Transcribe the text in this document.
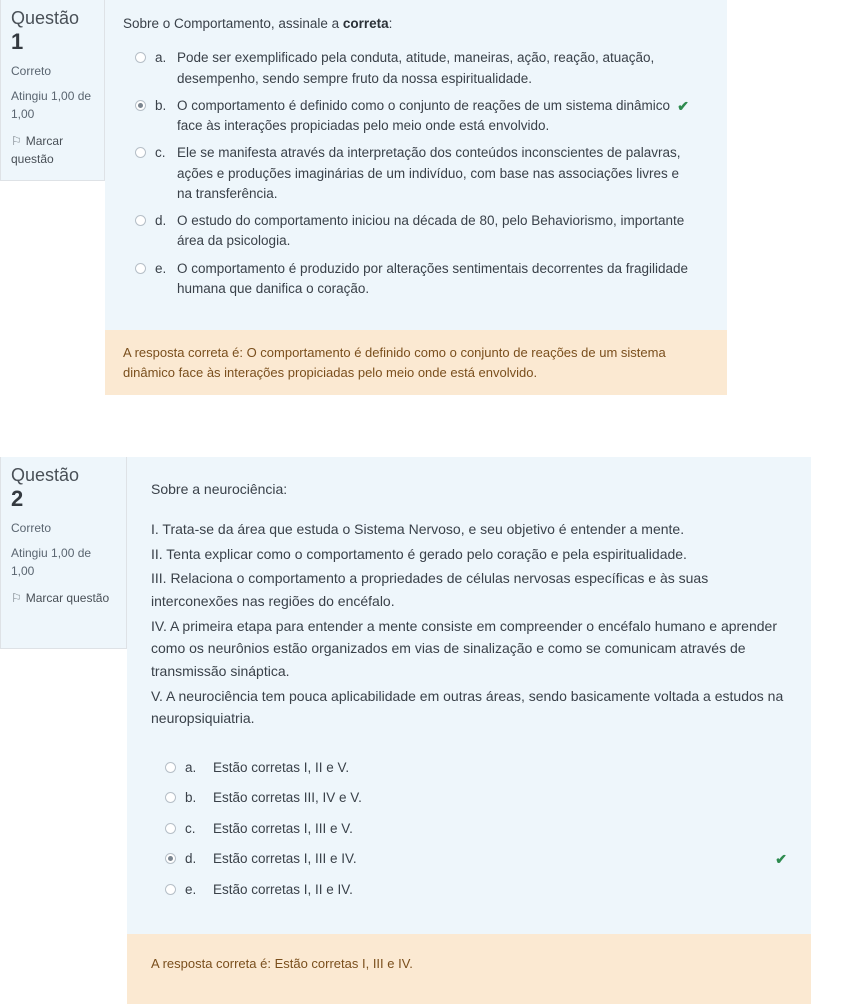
Questão
1
Correto
Atingiu 1,00 de 1,00
⚐ Marcar questão
Sobre o Comportamento, assinale a correta:
a. Pode ser exemplificado pela conduta, atitude, maneiras, ação, reação, atuação, desempenho, sendo sempre fruto da nossa espiritualidade.
b. O comportamento é definido como o conjunto de reações de um sistema dinâmico face às interações propiciadas pelo meio onde está envolvido.
✔
c. Ele se manifesta através da interpretação dos conteúdos inconscientes de palavras, ações e produções imaginárias de um indivíduo, com base nas associações livres e na transferência.
d. O estudo do comportamento iniciou na década de 80, pelo Behaviorismo, importante área da psicologia.
e. O comportamento é produzido por alterações sentimentais decorrentes da fragilidade humana que danifica o coração.
A resposta correta é: O comportamento é definido como o conjunto de reações de um sistema dinâmico face às interações propiciadas pelo meio onde está envolvido.
Questão
2
Correto
Atingiu 1,00 de 1,00
⚐ Marcar questão
Sobre a neurociência:

I. Trata-se da área que estuda o Sistema Nervoso, e seu objetivo é entender a mente.

II. Tenta explicar como o comportamento é gerado pelo coração e pela espiritualidade.

III. Relaciona o comportamento a propriedades de células nervosas específicas e às suas interconexões nas regiões do encéfalo.

IV. A primeira etapa para entender a mente consiste em compreender o encéfalo humano e aprender como os neurônios estão organizados em vias de sinalização e como se comunicam através de transmissão sináptica.

V. A neurociência tem pouca aplicabilidade em outras áreas, sendo basicamente voltada a estudos na neuropsiquiatria.

a.	Estão corretas I, II e V.
b.	Estão corretas III, IV e V.
c.	Estão corretas I, III e V.
d.	Estão corretas I, III e IV.	✔
e.	Estão corretas I, II e IV.
A resposta correta é: Estão corretas I, III e IV.
